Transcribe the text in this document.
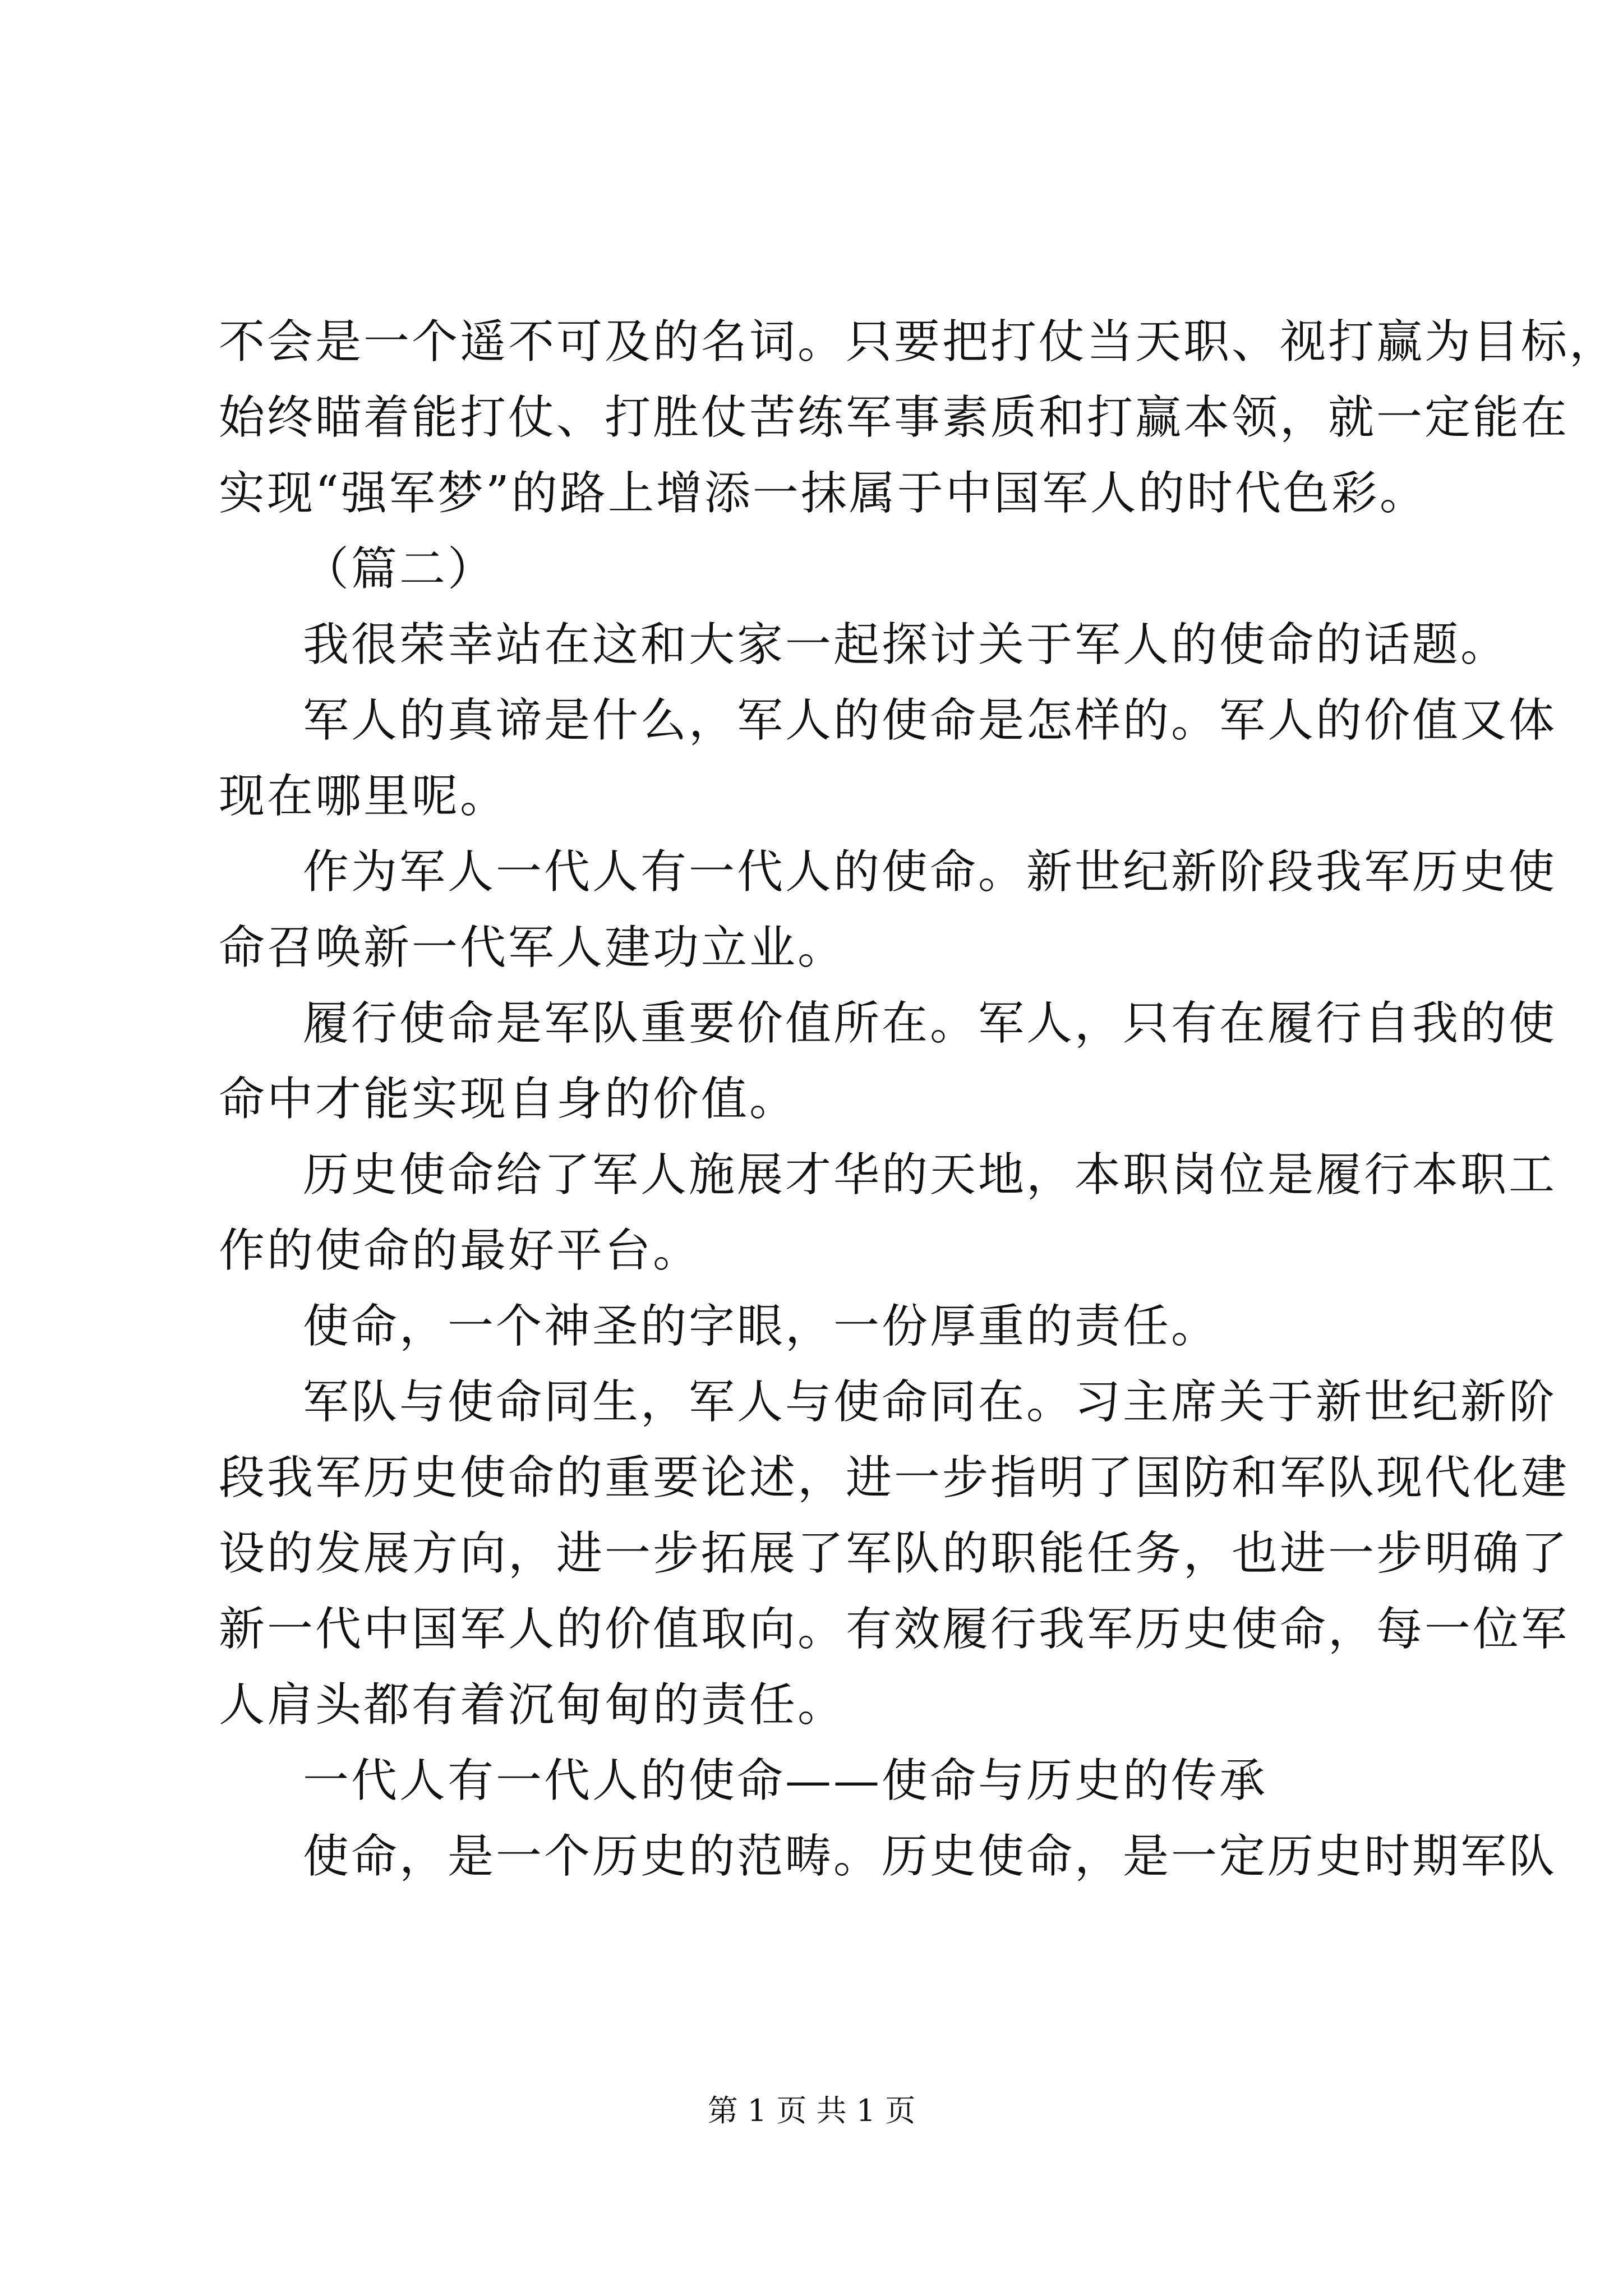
不会是一个遥不可及的名词。只要把打仗当天职、视打赢为目标，

始终瞄着能打仗、打胜仗苦练军事素质和打赢本领，就一定能在

实现“强军梦”的路上增添一抹属于中国军人的时代色彩。

（篇二）

我很荣幸站在这和大家一起探讨关于军人的使命的话题。

军人的真谛是什么，军人的使命是怎样的。军人的价值又体

现在哪里呢。

作为军人一代人有一代人的使命。新世纪新阶段我军历史使

命召唤新一代军人建功立业。

履行使命是军队重要价值所在。军人，只有在履行自我的使

命中才能实现自身的价值。

历史使命给了军人施展才华的天地，本职岗位是履行本职工

作的使命的最好平台。

使命，一个神圣的字眼，一份厚重的责任。

军队与使命同生，军人与使命同在。习主席关于新世纪新阶

段我军历史使命的重要论述，进一步指明了国防和军队现代化建

设的发展方向，进一步拓展了军队的职能任务，也进一步明确了

新一代中国军人的价值取向。有效履行我军历史使命，每一位军

人肩头都有着沉甸甸的责任。

一代人有一代人的使命——使命与历史的传承

使命，是一个历史的范畴。历史使命，是一定历史时期军队

第 1 页 共 1 页
